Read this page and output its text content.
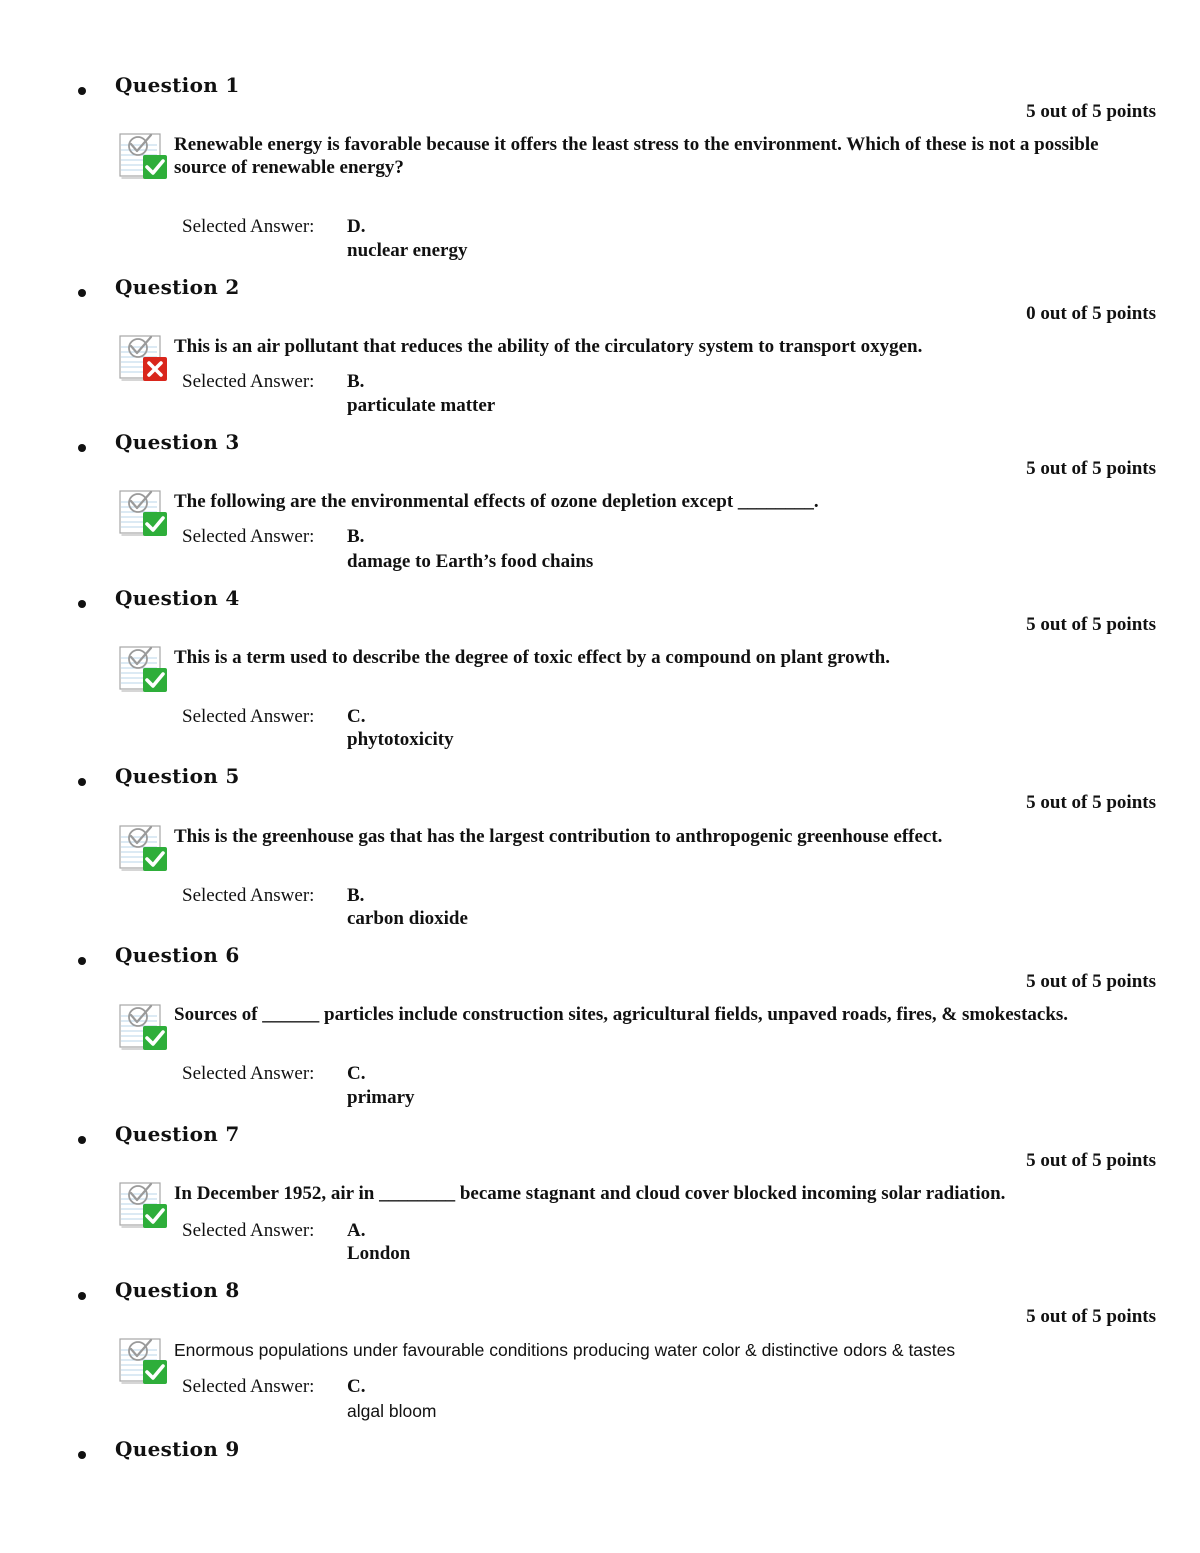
Question 1
5 out of 5 points
Renewable energy is favorable because it offers the least stress to the environment. Which of these is not a possible source of renewable energy?
Selected Answer: D.
nuclear energy
Question 2
0 out of 5 points
This is an air pollutant that reduces the ability of the circulatory system to transport oxygen.
Selected Answer: B.
particulate matter
Question 3
5 out of 5 points
The following are the environmental effects of ozone depletion except ________.
Selected Answer: B.
damage to Earth’s food chains
Question 4
5 out of 5 points
This is a term used to describe the degree of toxic effect by a compound on plant growth.
Selected Answer: C.
phytotoxicity
Question 5
5 out of 5 points
This is the greenhouse gas that has the largest contribution to anthropogenic greenhouse effect.
Selected Answer: B.
carbon dioxide
Question 6
5 out of 5 points
Sources of ______ particles include construction sites, agricultural fields, unpaved roads, fires, & smokestacks.
Selected Answer: C.
primary
Question 7
5 out of 5 points
In December 1952, air in ________ became stagnant and cloud cover blocked incoming solar radiation.
Selected Answer: A.
London
Question 8
5 out of 5 points
Enormous populations under favourable conditions producing water color & distinctive odors & tastes
Selected Answer: C.
algal bloom
Question 9
